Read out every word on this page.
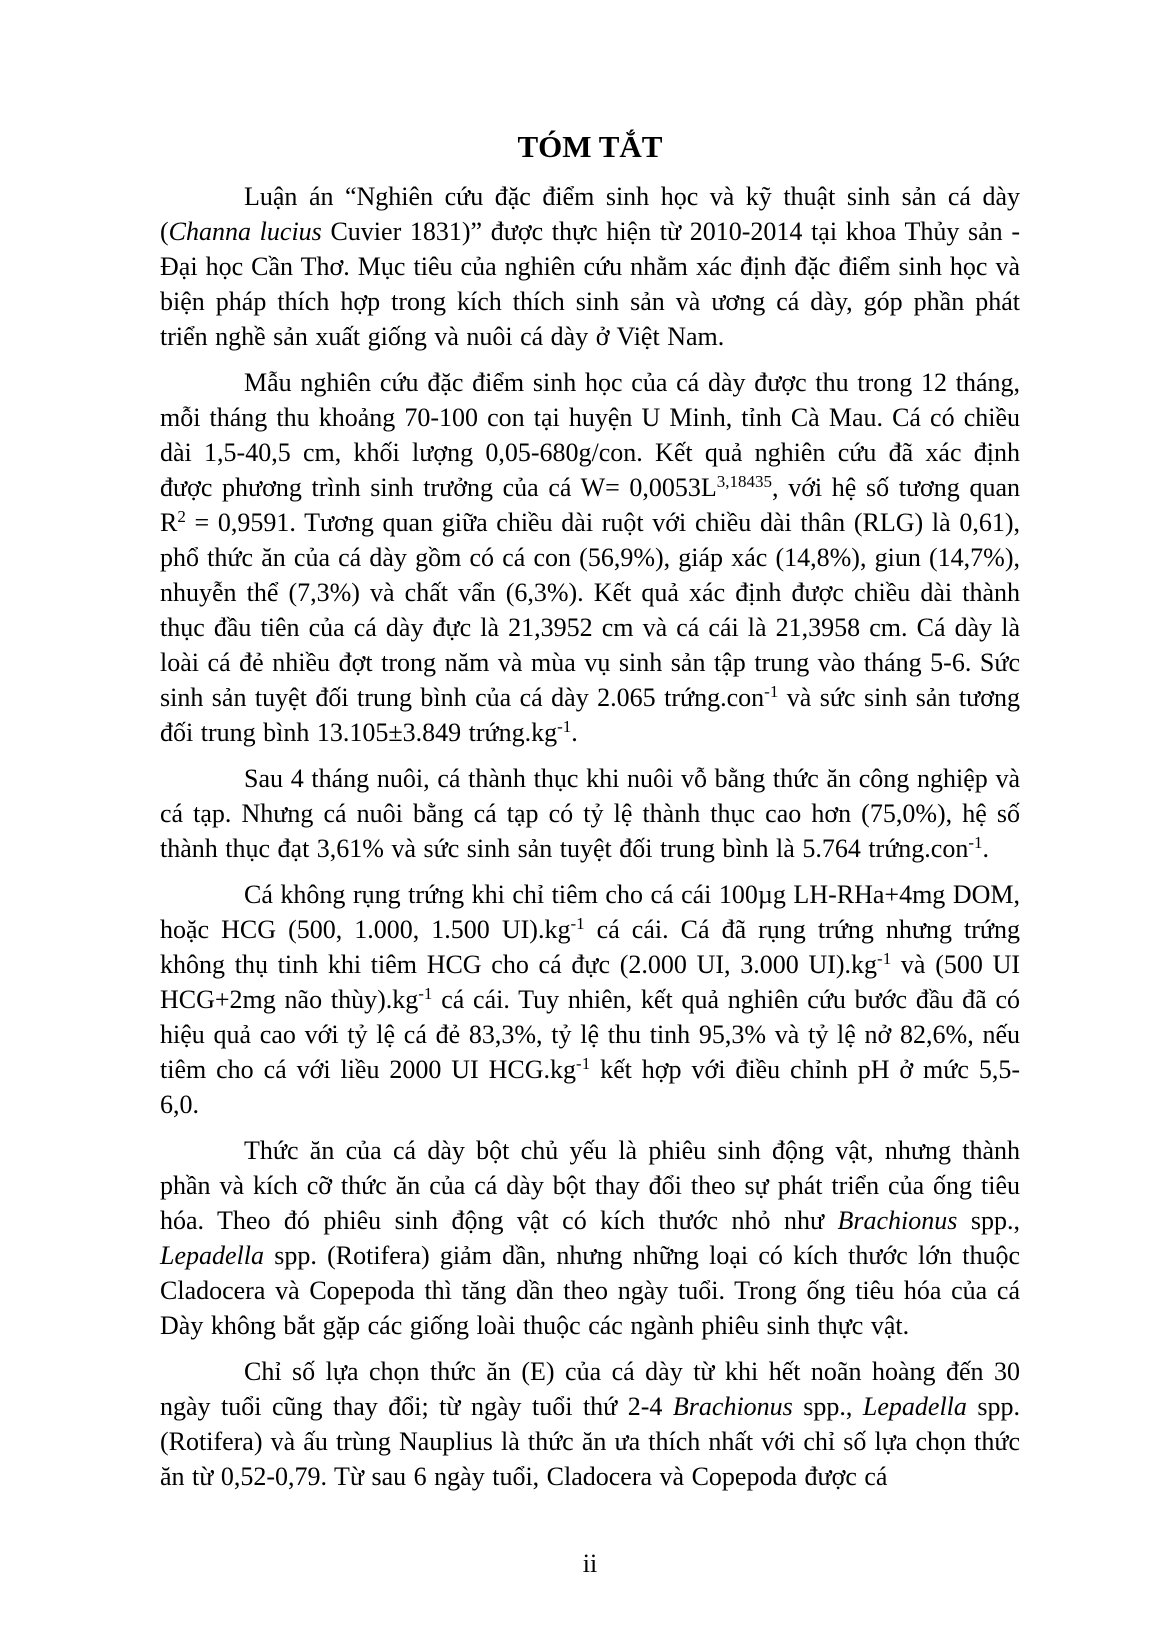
TÓM TẮT

Luận án “Nghiên cứu đặc điểm sinh học và kỹ thuật sinh sản cá dày (Channa lucius Cuvier 1831)” được thực hiện từ 2010-2014 tại khoa Thủy sản - Đại học Cần Thơ. Mục tiêu của nghiên cứu nhằm xác định đặc điểm sinh học và biện pháp thích hợp trong kích thích sinh sản và ương cá dày, góp phần phát triển nghề sản xuất giống và nuôi cá dày ở Việt Nam.

Mẫu nghiên cứu đặc điểm sinh học của cá dày được thu trong 12 tháng, mỗi tháng thu khoảng 70-100 con tại huyện U Minh, tỉnh Cà Mau. Cá có chiều dài 1,5-40,5 cm, khối lượng 0,05-680g/con. Kết quả nghiên cứu đã xác định được phương trình sinh trưởng của cá $W= 0,0053L^{3,18435}$, với hệ số tương quan $R^2 = 0,9591$. Tương quan giữa chiều dài ruột với chiều dài thân (RLG) là 0,61), phổ thức ăn của cá dày gồm có cá con (56,9%), giáp xác (14,8%), giun (14,7%), nhuyễn thể (7,3%) và chất vẩn (6,3%). Kết quả xác định được chiều dài thành thục đầu tiên của cá dày đực là 21,3952 cm và cá cái là 21,3958 cm. Cá dày là loài cá đẻ nhiều đợt trong năm và mùa vụ sinh sản tập trung vào tháng 5-6. Sức sinh sản tuyệt đối trung bình của cá dày 2.065 trứng.con$^{-1}$ và sức sinh sản tương đối trung bình 13.105±3.849 $trứng.kg^{-1}$.

Sau 4 tháng nuôi, cá thành thục khi nuôi vỗ bằng thức ăn công nghiệp và cá tạp. Nhưng cá nuôi bằng cá tạp có tỷ lệ thành thục cao hơn (75,0%), hệ số thành thục đạt 3,61% và sức sinh sản tuyệt đối trung bình là 5.764 trứng.con$^{-1}$.

Cá không rụng trứng khi chỉ tiêm cho cá cái 100µg LH-RHa+4mg DOM, hoặc HCG (500, 1.000, 1.500 $UI).kg^{-1}$ cá cái. Cá đã rụng trứng nhưng trứng không thụ tinh khi tiêm HCG cho cá đực (2.000 UI, 3.000 $UI).kg^{-1}$ và (500 UI HCG+2mg não $thùy).kg^{-1}$ cá cái. Tuy nhiên, kết quả nghiên cứu bước đầu đã có hiệu quả cao với tỷ lệ cá đẻ 83,3%, tỷ lệ thu tinh 95,3% và tỷ lệ nở 82,6%, nếu tiêm cho cá với liều 2000 UI $HCG.kg^{-1}$ kết hợp với điều chỉnh pH ở mức 5,5-6,0.

Thức ăn của cá dày bột chủ yếu là phiêu sinh động vật, nhưng thành phần và kích cỡ thức ăn của cá dày bột thay đổi theo sự phát triển của ống tiêu hóa. Theo đó phiêu sinh động vật có kích thước nhỏ như Brachionus spp., Lepadella spp. (Rotifera) giảm dần, nhưng những loại có kích thước lớn thuộc Cladocera và Copepoda thì tăng dần theo ngày tuổi. Trong ống tiêu hóa của cá Dày không bắt gặp các giống loài thuộc các ngành phiêu sinh thực vật.

Chỉ số lựa chọn thức ăn (E) của cá dày từ khi hết noãn hoàng đến 30 ngày tuổi cũng thay đổi; từ ngày tuổi thứ 2-4 Brachionus spp., Lepadella spp. (Rotifera) và ấu trùng Nauplius là thức ăn ưa thích nhất với chỉ số lựa chọn thức ăn từ 0,52-0,79. Từ sau 6 ngày tuổi, Cladocera và Copepoda được cá

ii
